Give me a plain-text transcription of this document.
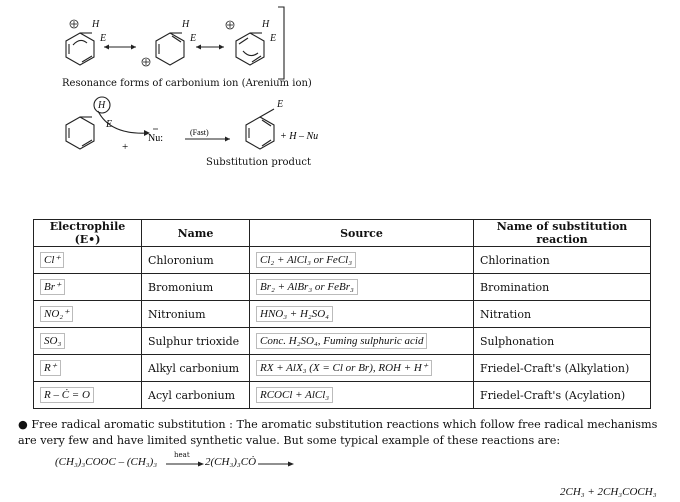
H
E
H
E
H
E
Resonance forms of carbonium ion (Arenium ion)
H
E
E
+
Nu:
(Fast)	+ H – Nu
Substitution product
Electrophile (E•)	Name	Source	Name of substitution reaction
Cl⁺	Chloronium	Cl₂ + AlCl₃ or FeCl₃	Chlorination
Br⁺	Bromonium	Br₂ + AlBr₃ or FeBr₃	Bromination
NO₂⁺	Nitronium	HNO₃ + H₂SO₄	Nitration
SO₃	Sulphur trioxide	Conc. H₂SO₄, Fuming sulphuric acid	Sulphonation
R⁺	Alkyl carbonium	RX + AlX₃ (X = Cl or Br), ROH + H⁺	Friedel-Craft's (Alkylation)
R – Ċ = O	Acyl carbonium	RCOCl + AlCl₃	Friedel-Craft's (Acylation)
● Free radical aromatic substitution : The aromatic substitution reactions which follow free radical mechanisms are very few and have limited synthetic value. But some typical example of these reactions are:
(CH₃)₃COOC – (CH₃)₃
heat
2(CH₃)₃CȮ
2CH₃ + 2CH₃COCH₃
